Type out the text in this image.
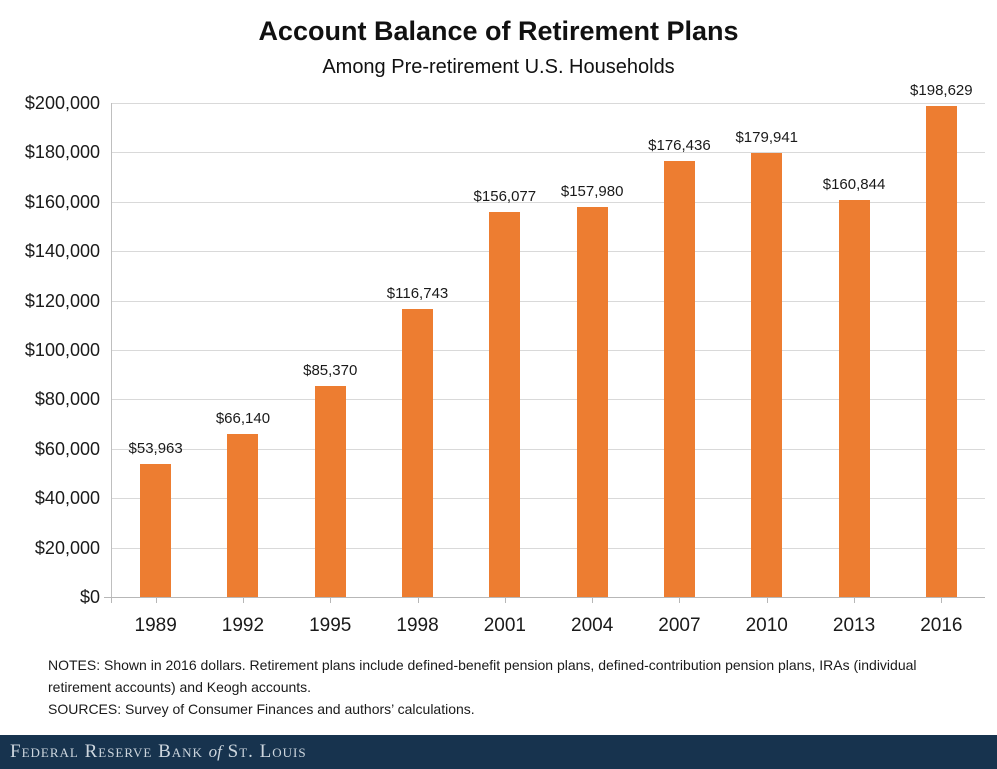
Account Balance of Retirement Plans
Among Pre-retirement U.S. Households
$200,000
$180,000
$160,000
$140,000
$120,000
$100,000
$80,000
$60,000
$40,000
$20,000
$0
$53,963
1989
$66,140
1992
$85,370
1995
$116,743
1998
$156,077
2001
$157,980
2004
$176,436
2007
$179,941
2010
$160,844
2013
$198,629
2016
NOTES: Shown in 2016 dollars. Retirement plans include defined-benefit pension plans, defined-contribution pension plans, IRAs (individual retirement accounts) and Keogh accounts.
SOURCES: Survey of Consumer Finances and authors’ calculations.
Federal Reserve Bank of St. Louis
